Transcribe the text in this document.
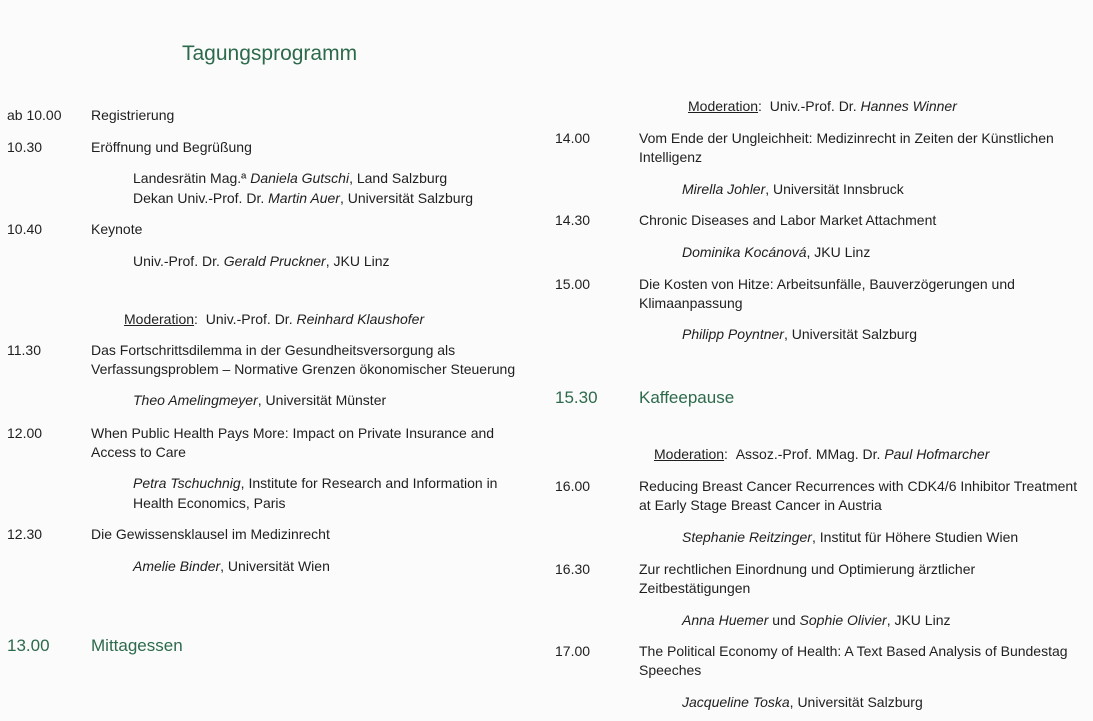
Tagungsprogramm
ab 10.00 Registrierung
10.30	Eröffnung und Begrüßung
Landesrätin Mag.ª Daniela Gutschi, Land Salzburg
Dekan Univ.-Prof. Dr. Martin Auer, Universität Salzburg
10.40	Keynote
Univ.-Prof. Dr. Gerald Pruckner, JKU Linz
Moderation: Univ.-Prof. Dr. Reinhard Klaushofer
11.30	Das Fortschrittsdilemma in der Gesundheitsversorgung als
Verfassungsproblem – Normative Grenzen ökonomischer Steuerung
Theo Amelingmeyer, Universität Münster
12.00	When Public Health Pays More: Impact on Private Insurance and
Access to Care
Petra Tschuchnig, Institute for Research and Information in
Health Economics, Paris
12.30	Die Gewissensklausel im Medizinrecht
Amelie Binder, Universität Wien
13.00 Mittagessen
Moderation: Univ.-Prof. Dr. Hannes Winner
14.00	Vom Ende der Ungleichheit: Medizinrecht in Zeiten der Künstlichen
Intelligenz
Mirella Johler, Universität Innsbruck
14.30	Chronic Diseases and Labor Market Attachment
Dominika Kocánová, JKU Linz
15.00	Die Kosten von Hitze: Arbeitsunfälle, Bauverzögerungen und
Klimaanpassung
Philipp Poyntner, Universität Salzburg
15.30 Kaffeepause
Moderation: Assoz.-Prof. MMag. Dr. Paul Hofmarcher
16.00	Reducing Breast Cancer Recurrences with CDK4/6 Inhibitor Treatment
at Early Stage Breast Cancer in Austria
Stephanie Reitzinger, Institut für Höhere Studien Wien
16.30	Zur rechtlichen Einordnung und Optimierung ärztlicher
Zeitbestätigungen
Anna Huemer und Sophie Olivier, JKU Linz
17.00	The Political Economy of Health: A Text Based Analysis of Bundestag
Speeches
Jacqueline Toska, Universität Salzburg
